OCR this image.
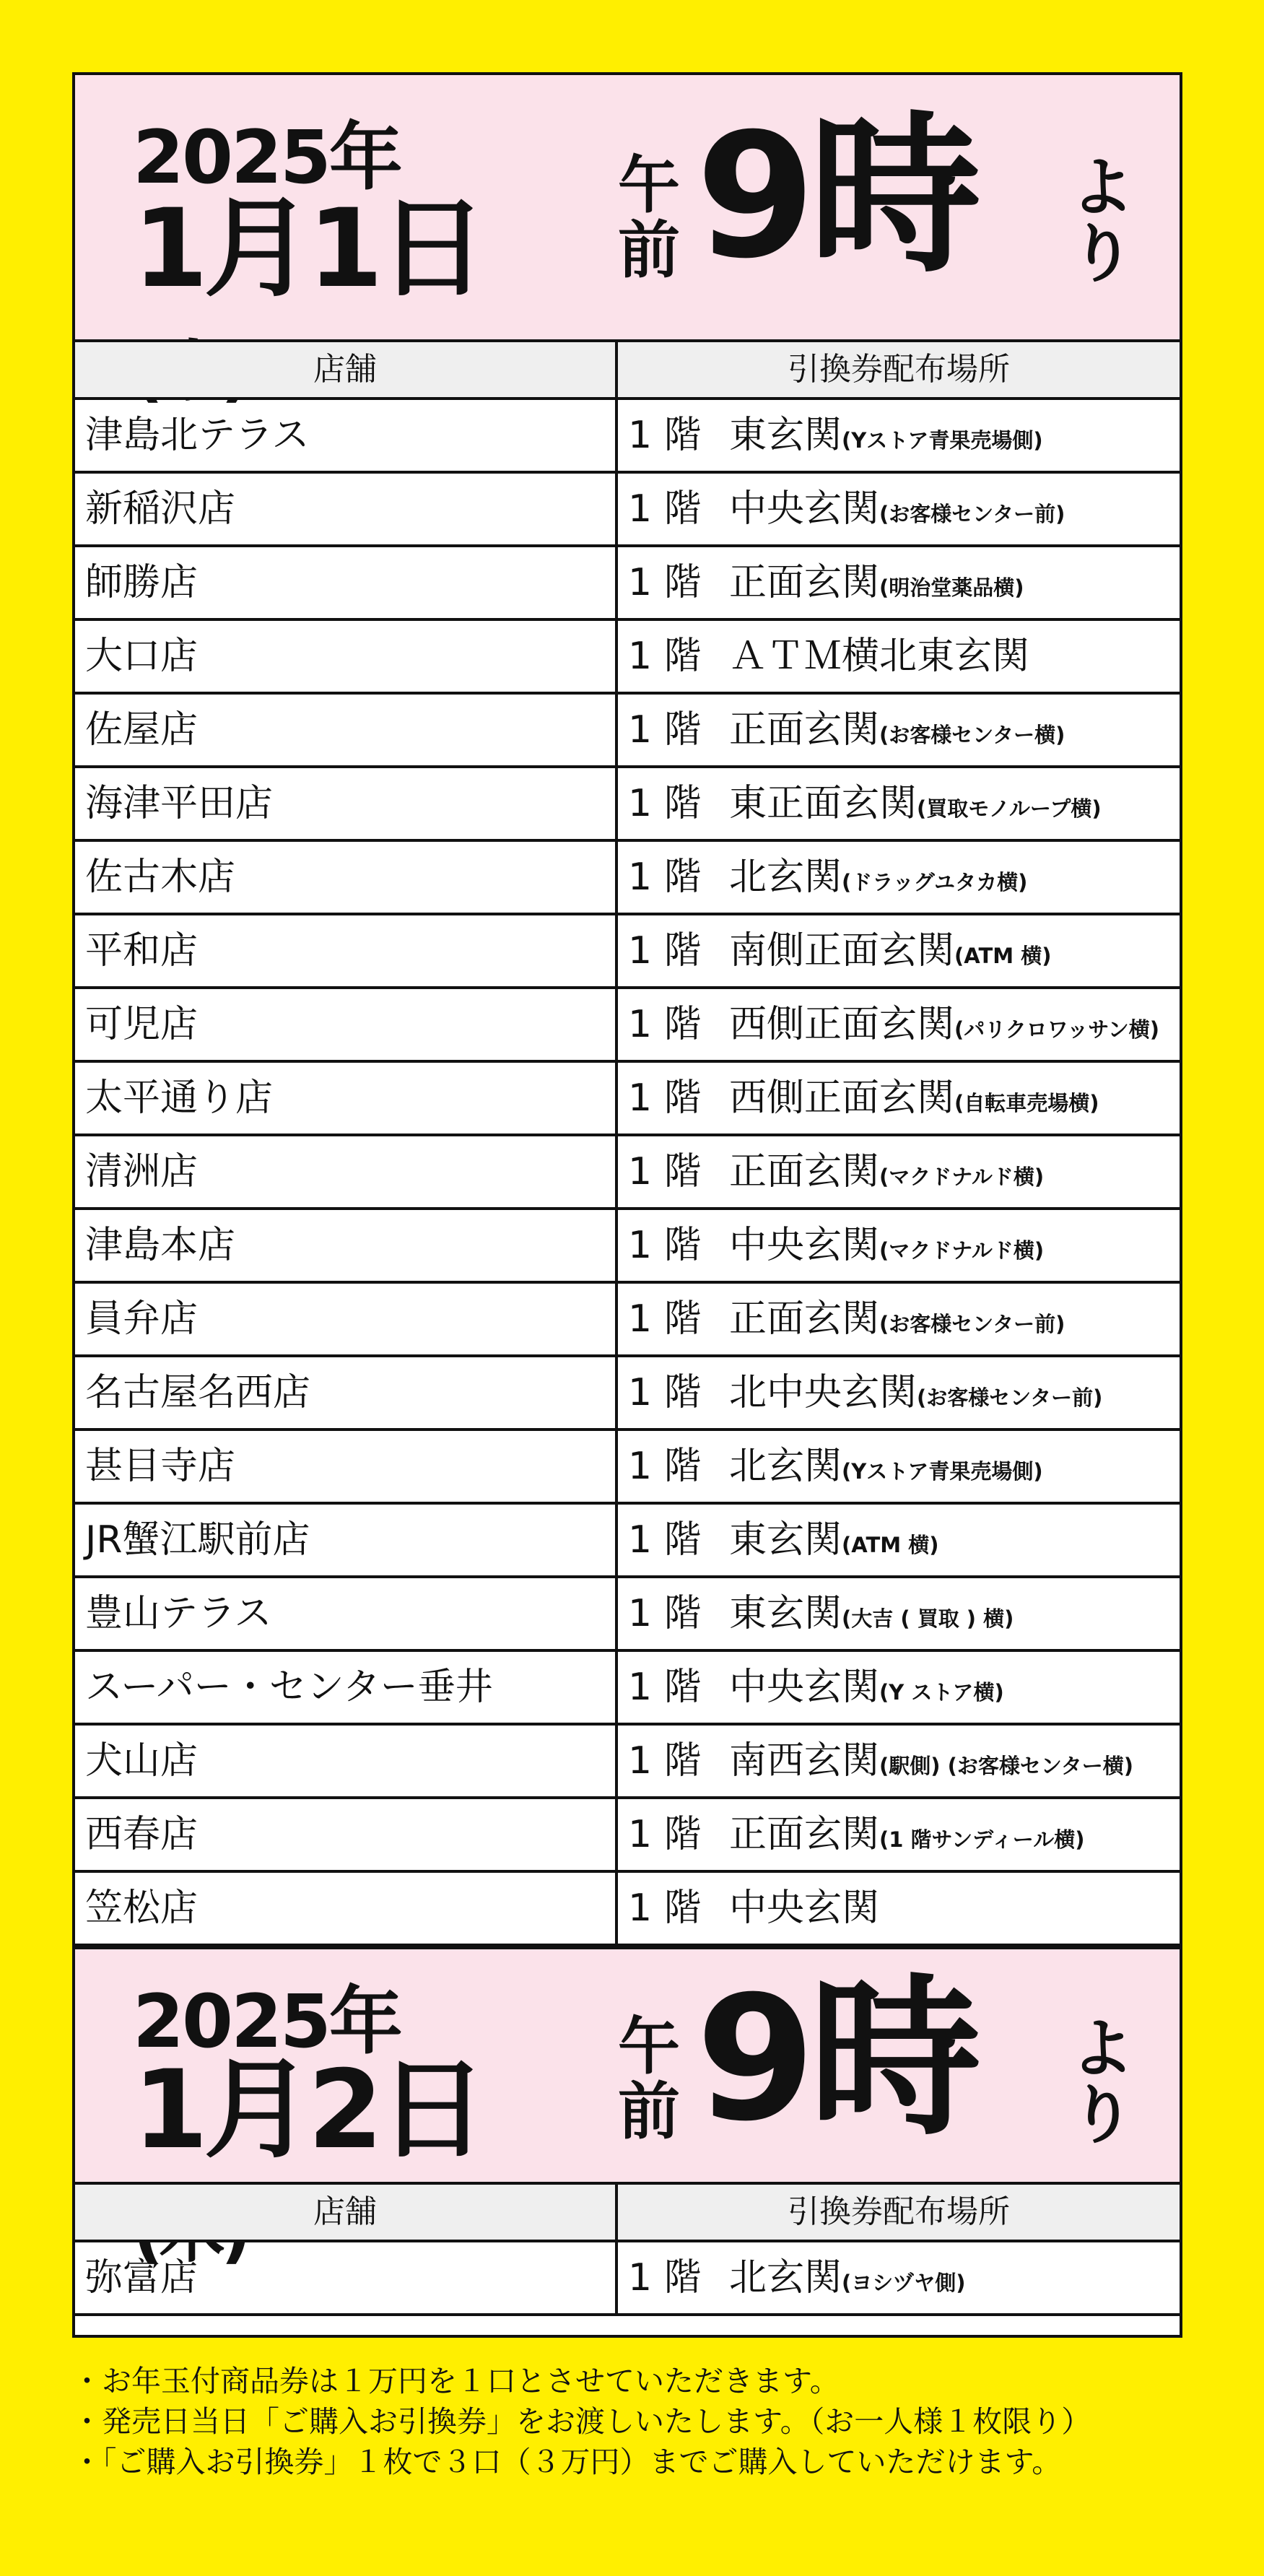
2025年
1月1日
午前 9時	より
店舗	引換券配布場所
津島北テラス	1 階 東玄関(Yストア青果売場側)
新稲沢店	1 階 中央玄関(お客様センター前)
師勝店	1 階 正面玄関(明治堂薬品横)
大口店	1 階 ＡＴＭ横北東玄関
佐屋店	1 階 正面玄関(お客様センター横)
海津平田店	1 階 東正面玄関(買取モノループ横)
佐古木店	1 階 北玄関(ドラッグユタカ横)
平和店	1 階 南側正面玄関(ATM 横)
可児店	1 階 西側正面玄関(パリクロワッサン横)
太平通り店	1 階 西側正面玄関(自転車売場横)
清洲店	1 階 正面玄関(マクドナルド横)
津島本店	1 階 中央玄関(マクドナルド横)
員弁店	1 階 正面玄関(お客様センター前)
名古屋名西店	1 階 北中央玄関(お客様センター前)
甚目寺店	1 階 北玄関(Yストア青果売場側)
JR蟹江駅前店	1 階 東玄関(ATM 横)
豊山テラス	1 階 東玄関(大吉 ( 買取 ) 横)
スーパー・センター垂井	1 階 中央玄関(Y ストア横)
犬山店	1 階 南西玄関(駅側) (お客様センター横)
西春店	1 階 正面玄関(1 階サンディール横)
笠松店	1 階 中央玄関
2025年
1月2日
午前 9時	より
店舗	引換券配布場所
弥富店	1 階 北玄関(ヨシヅヤ側)
・お年玉付商品券は１万円を１口とさせていただきます。
・発売日当日「ご購入お引換券」をお渡しいたします。（お一人様１枚限り）
・「ご購入お引換券」１枚で３口（３万円）までご購入していただけます。
